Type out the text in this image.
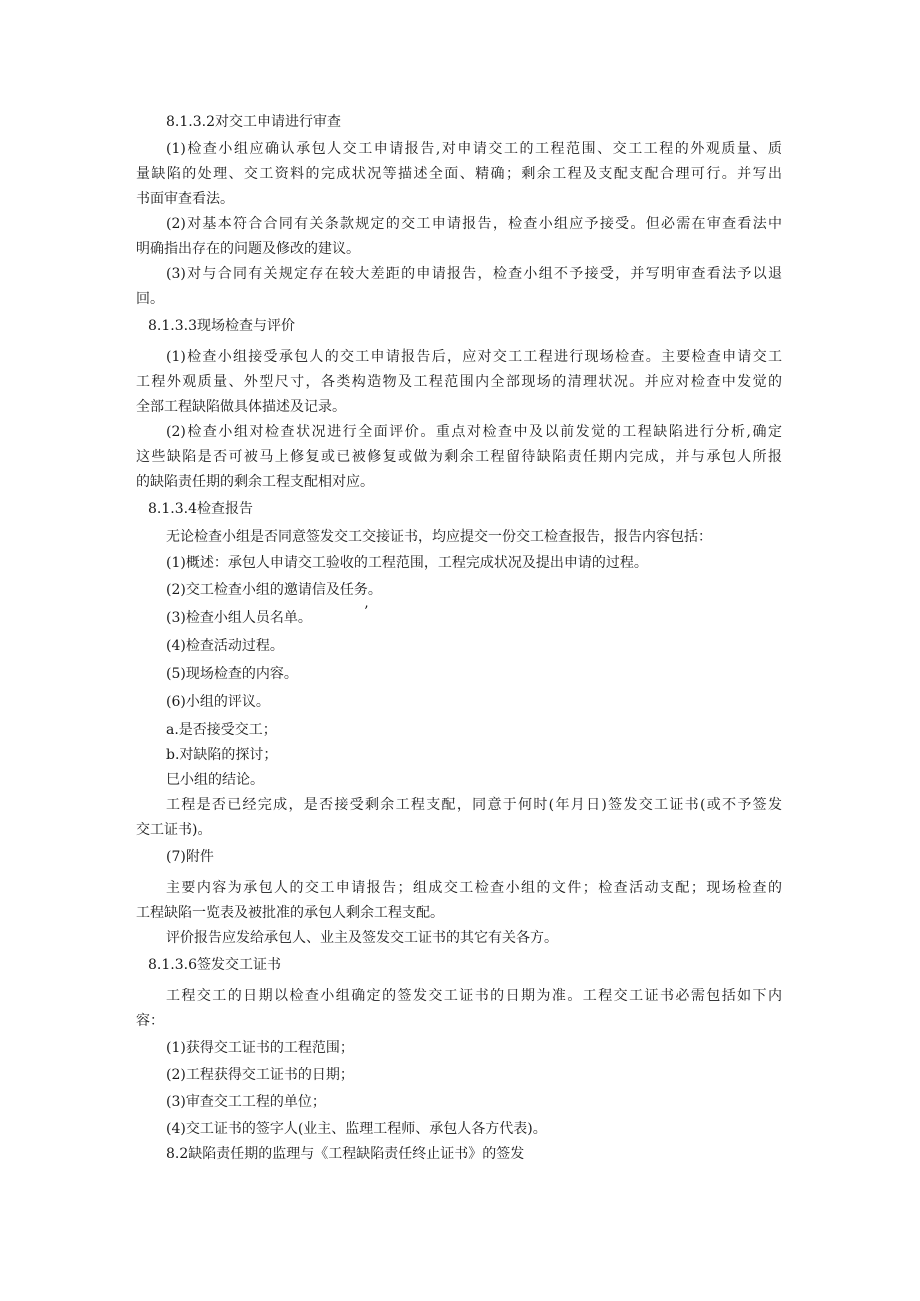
8.1.3.2对交工申请进行审查
(1)检查小组应确认承包人交工申请报告,对申请交工的工程范围、交工工程的外观质量、质
量缺陷的处理、交工资料的完成状况等描述全面、精确；剩余工程及支配支配合理可行。并写出
书面审查看法。
(2)对基本符合合同有关条款规定的交工申请报告，检查小组应予接受。但必需在审查看法中
明确指出存在的问题及修改的建议。
(3)对与合同有关规定存在较大差距的申请报告，检查小组不予接受，并写明审查看法予以退
回。
8.1.3.3现场检查与评价
(1)检查小组接受承包人的交工申请报告后，应对交工工程进行现场检查。主要检查申请交工
工程外观质量、外型尺寸，各类构造物及工程范围内全部现场的清理状况。并应对检查中发觉的
全部工程缺陷做具体描述及记录。
(2)检查小组对检查状况进行全面评价。重点对检查中及以前发觉的工程缺陷进行分析,确定
这些缺陷是否可被马上修复或已被修复或做为剩余工程留待缺陷责任期内完成，并与承包人所报
的缺陷责任期的剩余工程支配相对应。
8.1.3.4检查报告
无论检查小组是否同意签发交工交接证书，均应提交一份交工检查报告，报告内容包括：
(1)概述：承包人申请交工验收的工程范围，工程完成状况及提出申请的过程。
(2)交工检查小组的邀请信及任务。
(3)检查小组人员名单。	’
(4)检查活动过程。
(5)现场检查的内容。
(6)小组的评议。
a.是否接受交工；
b.对缺陷的探讨；
巳小组的结论。
工程是否已经完成，是否接受剩余工程支配，同意于何时(年月日)签发交工证书(或不予签发
交工证书)。
(7)附件
主要内容为承包人的交工申请报告；组成交工检查小组的文件；检查活动支配；现场检查的
工程缺陷一览表及被批准的承包人剩余工程支配。
评价报告应发给承包人、业主及签发交工证书的其它有关各方。
8.1.3.6签发交工证书
工程交工的日期以检查小组确定的签发交工证书的日期为准。工程交工证书必需包括如下内
容：
(1)获得交工证书的工程范围；
(2)工程获得交工证书的日期；
(3)审查交工工程的单位；
(4)交工证书的签字人(业主、监理工程师、承包人各方代表)。
8.2缺陷责任期的监理与《工程缺陷责任终止证书》的签发
